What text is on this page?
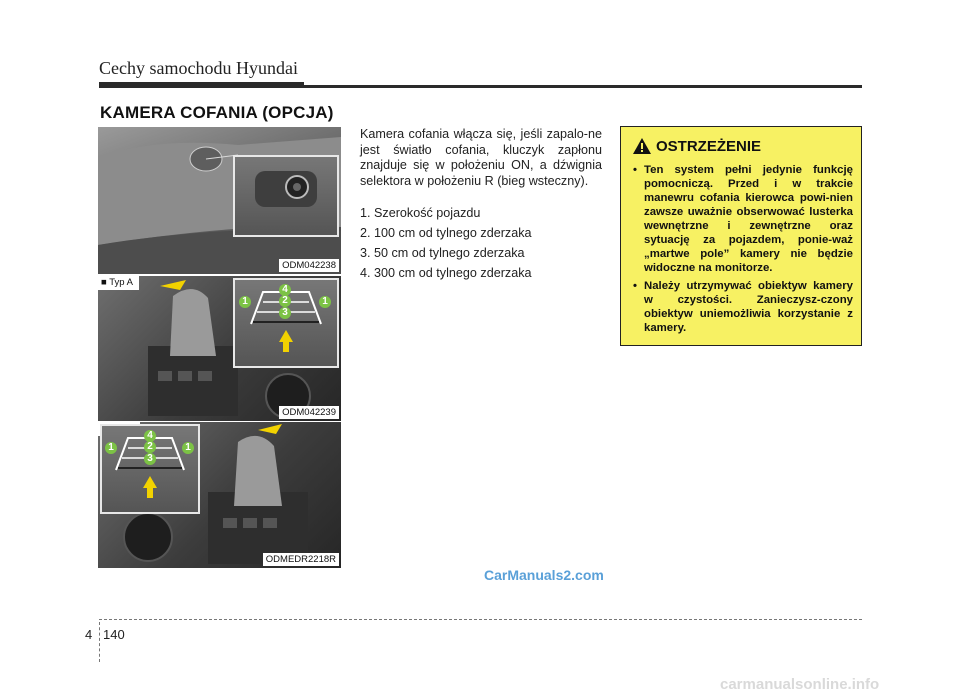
Cechy samochodu Hyundai
KAMERA COFANIA (OPCJA)
ODM042238
■ Typ A
4
2
3
1	1
ODM042239
4
2
3
1	1
ODMEDR2218R
Kamera cofania włącza się, jeśli zapalo-ne jest światło cofania, kluczyk zapłonu znajduje się w położeniu ON, a dźwignia selektora w położeniu R (bieg wsteczny).
1. Szerokość pojazdu
2. 100 cm od tylnego zderzaka
3. 50 cm od tylnego zderzaka
4. 300 cm od tylnego zderzaka
OSTRZEŻENIE
• Ten system pełni jedynie funkcję pomocniczą. Przed i w trakcie manewru cofania kierowca powi-nien zawsze uważnie obserwować lusterka wewnętrzne i zewnętrzne oraz sytuację za pojazdem, ponie-waż „martwe pole” kamery nie będzie widoczne na monitorze.
• Należy utrzymywać obiektyw kamery w czystości. Zanieczysz-czony obiektyw uniemożliwia korzystanie z kamery.
CarManuals2.com
4 140
carmanualsonline.info
